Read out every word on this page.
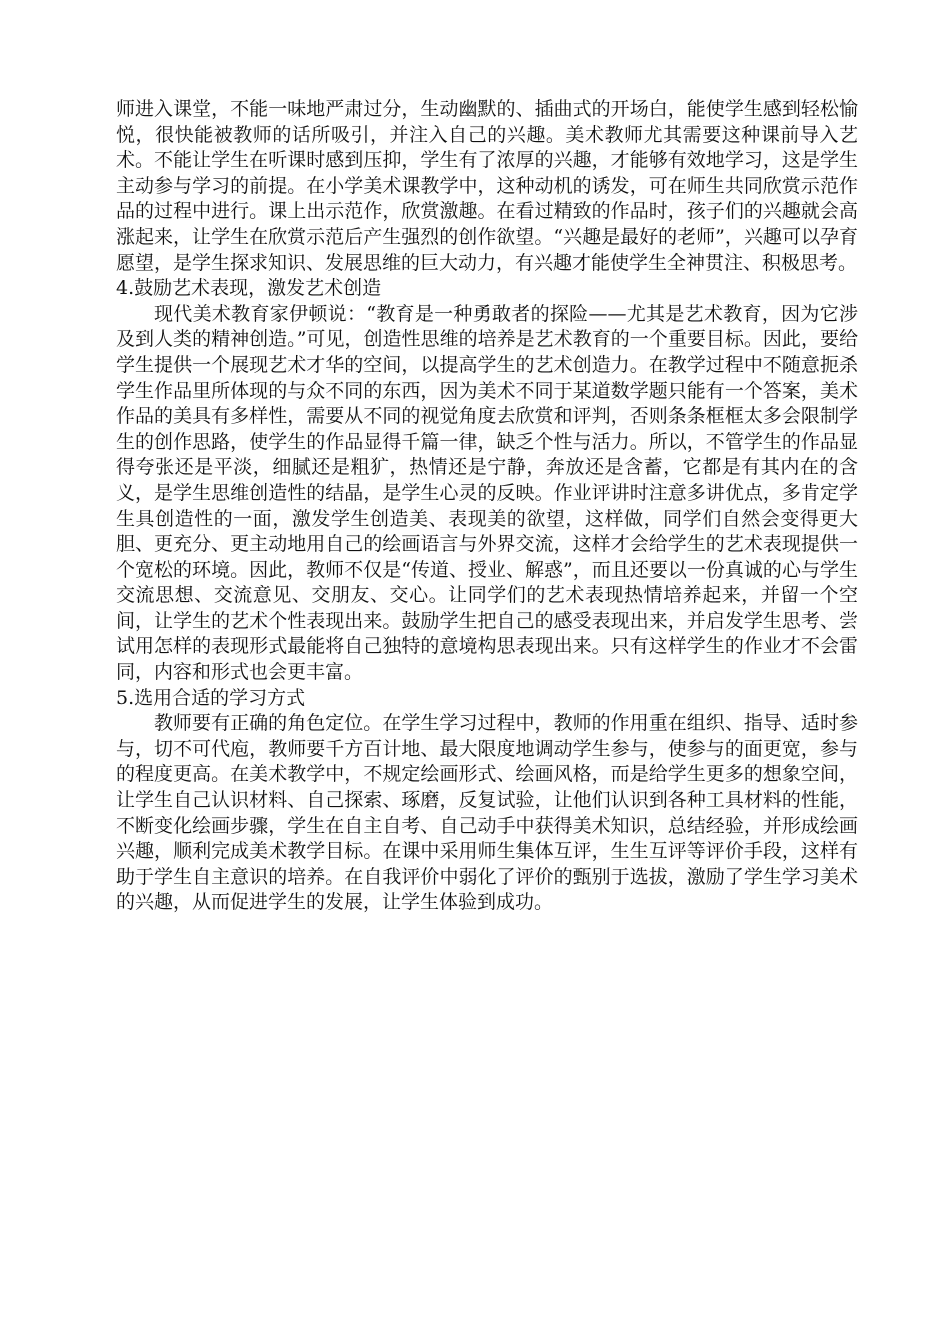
师进入课堂，不能一味地严肃过分，生动幽默的、插曲式的开场白，能使学生感到轻松愉悦，很快能被教师的话所吸引，并注入自己的兴趣。美术教师尤其需要这种课前导入艺术。不能让学生在听课时感到压抑，学生有了浓厚的兴趣，才能够有效地学习，这是学生主动参与学习的前提。在小学美术课教学中，这种动机的诱发，可在师生共同欣赏示范作品的过程中进行。课上出示范作，欣赏激趣。在看过精致的作品时，孩子们的兴趣就会高涨起来，让学生在欣赏示范后产生强烈的创作欲望。“兴趣是最好的老师”，兴趣可以孕育愿望，是学生探求知识、发展思维的巨大动力，有兴趣才能使学生全神贯注、积极思考。

4.鼓励艺术表现，激发艺术创造

现代美术教育家伊顿说：“教育是一种勇敢者的探险——尤其是艺术教育，因为它涉及到人类的精神创造。”可见，创造性思维的培养是艺术教育的一个重要目标。因此，要给学生提供一个展现艺术才华的空间，以提高学生的艺术创造力。在教学过程中不随意扼杀学生作品里所体现的与众不同的东西，因为美术不同于某道数学题只能有一个答案，美术作品的美具有多样性，需要从不同的视觉角度去欣赏和评判，否则条条框框太多会限制学生的创作思路，使学生的作品显得千篇一律，缺乏个性与活力。所以，不管学生的作品显得夸张还是平淡，细腻还是粗犷，热情还是宁静，奔放还是含蓄，它都是有其内在的含义，是学生思维创造性的结晶，是学生心灵的反映。作业评讲时注意多讲优点，多肯定学生具创造性的一面，激发学生创造美、表现美的欲望，这样做，同学们自然会变得更大胆、更充分、更主动地用自己的绘画语言与外界交流，这样才会给学生的艺术表现提供一个宽松的环境。因此，教师不仅是“传道、授业、解惑”，而且还要以一份真诚的心与学生交流思想、交流意见、交朋友、交心。让同学们的艺术表现热情培养起来，并留一个空间，让学生的艺术个性表现出来。鼓励学生把自己的感受表现出来，并启发学生思考、尝试用怎样的表现形式最能将自己独特的意境构思表现出来。只有这样学生的作业才不会雷同，内容和形式也会更丰富。

5.选用合适的学习方式

教师要有正确的角色定位。在学生学习过程中，教师的作用重在组织、指导、适时参与，切不可代庖，教师要千方百计地、最大限度地调动学生参与，使参与的面更宽，参与的程度更高。在美术教学中，不规定绘画形式、绘画风格，而是给学生更多的想象空间，让学生自己认识材料、自己探索、琢磨，反复试验，让他们认识到各种工具材料的性能，不断变化绘画步骤，学生在自主自考、自己动手中获得美术知识，总结经验，并形成绘画兴趣，顺利完成美术教学目标。在课中采用师生集体互评，生生互评等评价手段，这样有助于学生自主意识的培养。在自我评价中弱化了评价的甄别于选拔，激励了学生学习美术的兴趣，从而促进学生的发展，让学生体验到成功。
